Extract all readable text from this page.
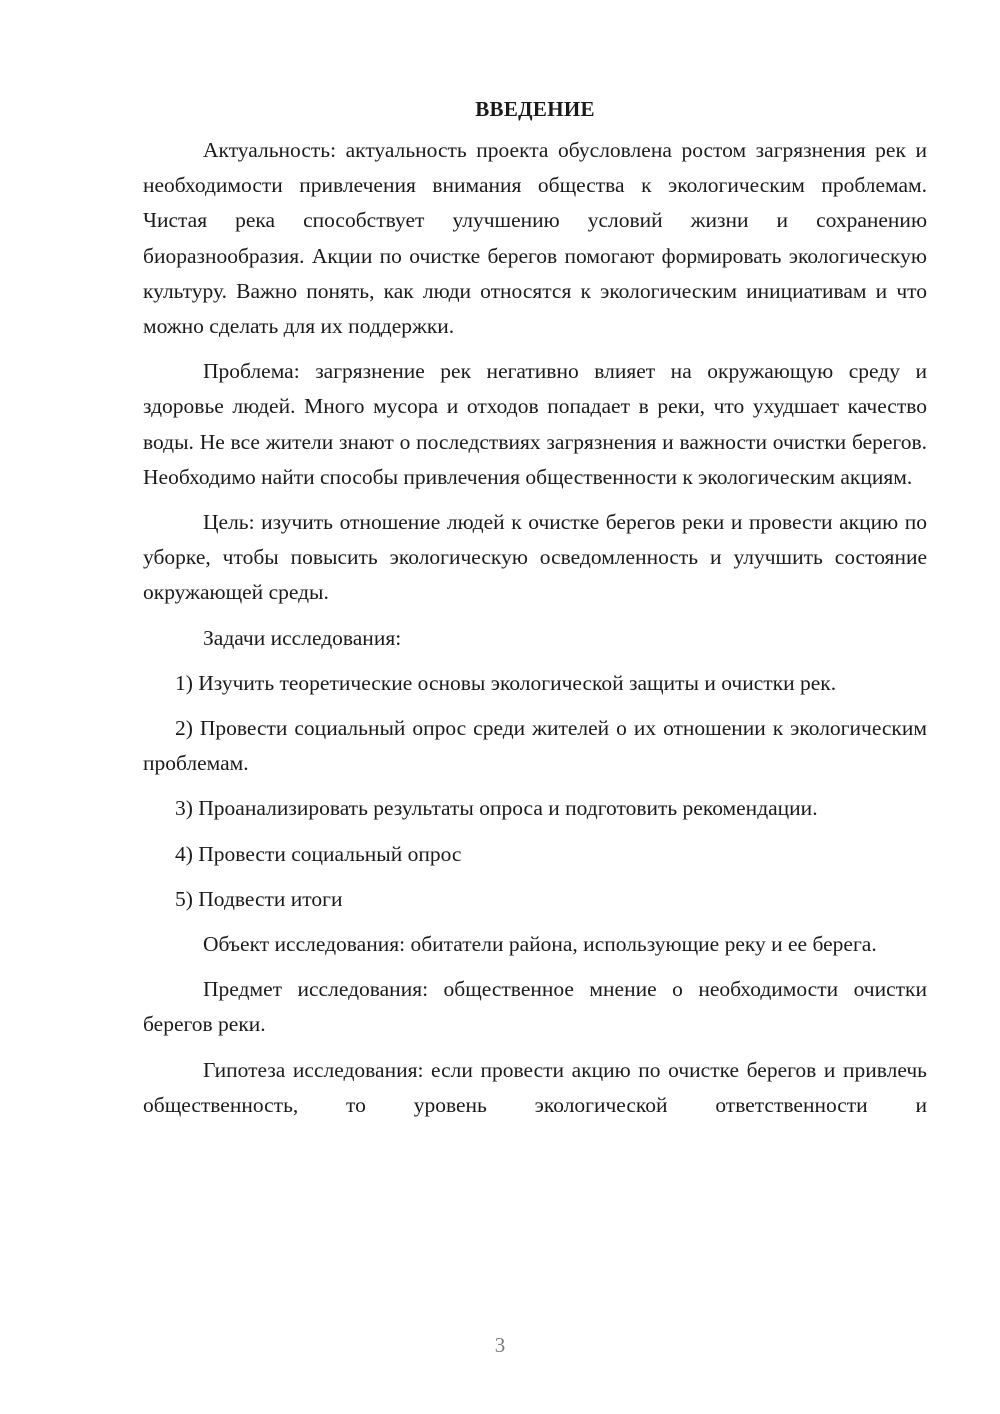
ВВЕДЕНИЕ

Актуальность: актуальность проекта обусловлена ростом загрязнения рек и необходимости привлечения внимания общества к экологическим проблемам. Чистая река способствует улучшению условий жизни и сохранению биоразнообразия. Акции по очистке берегов помогают формировать экологическую культуру. Важно понять, как люди относятся к экологическим инициативам и что можно сделать для их поддержки.

Проблема: загрязнение рек негативно влияет на окружающую среду и здоровье людей. Много мусора и отходов попадает в реки, что ухудшает качество воды. Не все жители знают о последствиях загрязнения и важности очистки берегов. Необходимо найти способы привлечения общественности к экологическим акциям.

Цель: изучить отношение людей к очистке берегов реки и провести акцию по уборке, чтобы повысить экологическую осведомленность и улучшить состояние окружающей среды.

Задачи исследования:

1) Изучить теоретические основы экологической защиты и очистки рек.

2) Провести социальный опрос среди жителей о их отношении к экологическим проблемам.

3) Проанализировать результаты опроса и подготовить рекомендации.

4) Провести социальный опрос

5) Подвести итоги

Объект исследования: обитатели района, использующие реку и ее берега.

Предмет исследования: общественное мнение о необходимости очистки берегов реки.

Гипотеза исследования: если провести акцию по очистке берегов и привлечь общественность, то уровень экологической ответственности и

3
